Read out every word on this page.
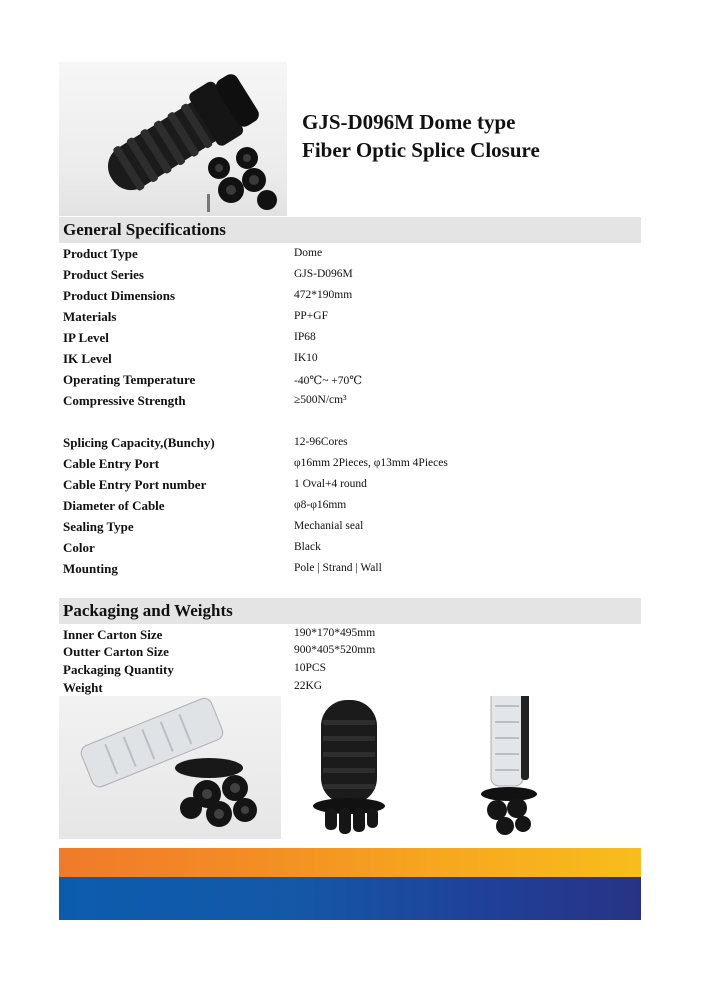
GJS-D096M Dome type
Fiber Optic Splice Closure
General Specifications
Product Type	Dome
Product Series	GJS-D096M
Product Dimensions	472*190mm
Materials	PP+GF
IP Level	IP68
IK Level	IK10
Operating Temperature	-40℃~ +70℃
Compressive Strength	≥500N/cm³
Splicing Capacity,(Bunchy)	12-96Cores
Cable Entry Port	φ16mm 2Pieces, φ13mm 4Pieces
Cable Entry Port number	1 Oval+4 round
Diameter of Cable	φ8-φ16mm
Sealing Type	Mechanial seal
Color	Black
Mounting	Pole | Strand | Wall
Packaging and Weights
Inner Carton Size	190*170*495mm
Outter Carton Size	900*405*520mm
Packaging Quantity	10PCS
Weight	22KG
